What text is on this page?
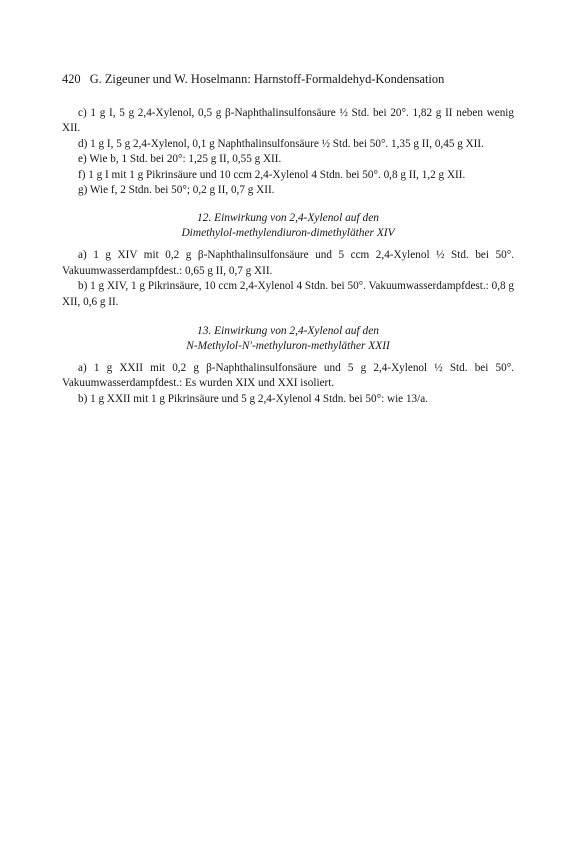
420 G. Zigeuner und W. Hoselmann: Harnstoff-Formaldehyd-Kondensation

c) 1 g I, 5 g 2,4-Xylenol, 0,5 g β-Naphthalinsulfonsäure ½ Std. bei 20°. 1,82 g II neben wenig XII.

d) 1 g I, 5 g 2,4-Xylenol, 0,1 g Naphthalinsulfonsäure ½ Std. bei 50°. 1,35 g II, 0,45 g XII.

e) Wie b, 1 Std. bei 20°: 1,25 g II, 0,55 g XII.

f) 1 g I mit 1 g Pikrinsäure und 10 ccm 2,4-Xylenol 4 Stdn. bei 50°. 0,8 g II, 1,2 g XII.

g) Wie f, 2 Stdn. bei 50°; 0,2 g II, 0,7 g XII.

12. Einwirkung von 2,4-Xylenol auf den
Dimethylol-methylendiuron-dimethyläther XIV

a) 1 g XIV mit 0,2 g β-Naphthalinsulfonsäure und 5 ccm 2,4-Xylenol ½ Std. bei 50°. Vakuumwasserdampfdest.: 0,65 g II, 0,7 g XII.

b) 1 g XIV, 1 g Pikrinsäure, 10 ccm 2,4-Xylenol 4 Stdn. bei 50°. Vakuumwasserdampfdest.: 0,8 g XII, 0,6 g II.

13. Einwirkung von 2,4-Xylenol auf den
N-Methylol-N′-methyluron-methyläther XXII

a) 1 g XXII mit 0,2 g β-Naphthalinsulfonsäure und 5 g 2,4-Xylenol ½ Std. bei 50°. Vakuumwasserdampfdest.: Es wurden XIX und XXI isoliert.

b) 1 g XXII mit 1 g Pikrinsäure und 5 g 2,4-Xylenol 4 Stdn. bei 50°: wie 13/a.
